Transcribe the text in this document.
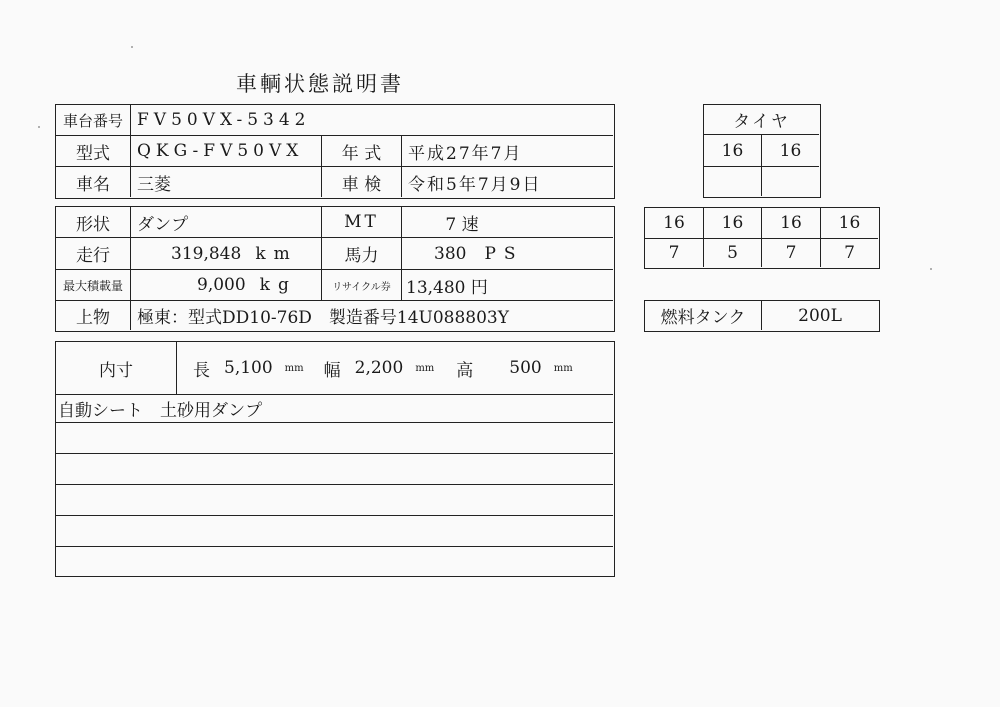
車輌状態説明書
車台番号 FV50VX-5342
型式	QKG-FV50VX	年 式	平成27年7月
車名	三菱	車 検	令和5年7月9日
形状	ダンプ	MT	7 速
走行	319,848 km	馬力	380 PS
最大積載量	9,000 kg	リサイクル券 13,480 円
上物	極東：型式DD10-76D　製造番号14U088803Y
内寸	長 5,100 mm 幅 2,200 mm 高 500 mm
自動シート　土砂用ダンプ
タイヤ
16	16
16	16	16	16
7	5	7	7
燃料タンク	200L
